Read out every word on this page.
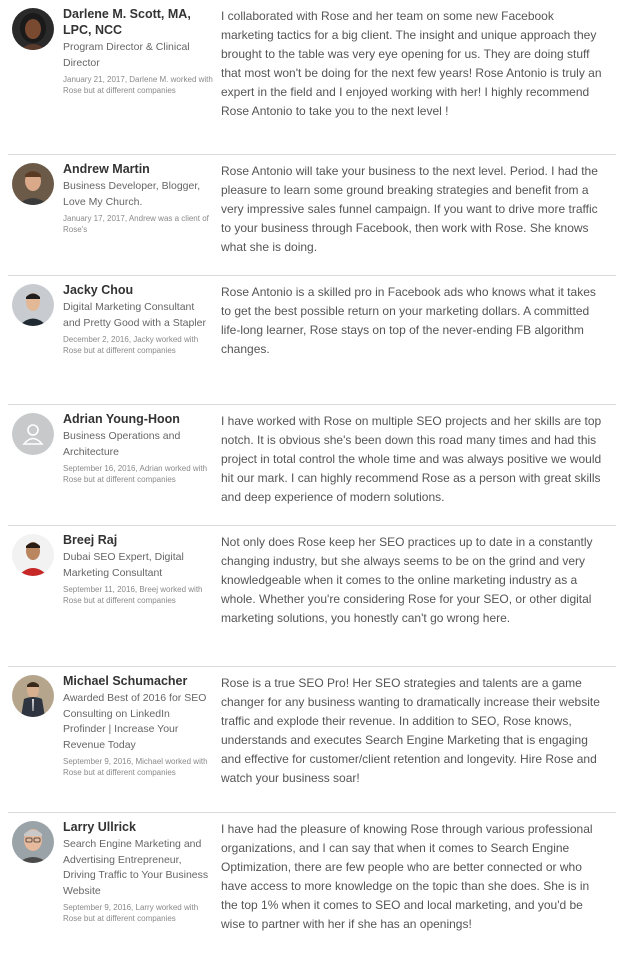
Darlene M. Scott, MA, LPC, NCC
Program Director & Clinical Director
January 21, 2017, Darlene M. worked with Rose but at different companies
I collaborated with Rose and her team on some new Facebook marketing tactics for a big client. The insight and unique approach they brought to the table was very eye opening for us. They are doing stuff that most won't be doing for the next few years! Rose Antonio is truly an expert in the field and I enjoyed working with her! I highly recommend Rose Antonio to take you to the next level !
Andrew Martin
Business Developer, Blogger, Love My Church.
January 17, 2017, Andrew was a client of Rose's
Rose Antonio will take your business to the next level. Period. I had the pleasure to learn some ground breaking strategies and benefit from a very impressive sales funnel campaign. If you want to drive more traffic to your business through Facebook, then work with Rose. She knows what she is doing.
Jacky Chou
Digital Marketing Consultant and Pretty Good with a Stapler
December 2, 2016, Jacky worked with Rose but at different companies
Rose Antonio is a skilled pro in Facebook ads who knows what it takes to get the best possible return on your marketing dollars. A committed life-long learner, Rose stays on top of the never-ending FB algorithm changes.
Adrian Young-Hoon
Business Operations and Architecture
September 16, 2016, Adrian worked with Rose but at different companies
I have worked with Rose on multiple SEO projects and her skills are top notch. It is obvious she's been down this road many times and had this project in total control the whole time and was always positive we would hit our mark. I can highly recommend Rose as a person with great skills and deep experience of modern solutions.
Breej Raj
Dubai SEO Expert, Digital Marketing Consultant
September 11, 2016, Breej worked with Rose but at different companies
Not only does Rose keep her SEO practices up to date in a constantly changing industry, but she always seems to be on the grind and very knowledgeable when it comes to the online marketing industry as a whole. Whether you're considering Rose for your SEO, or other digital marketing solutions, you honestly can't go wrong here.
Michael Schumacher
Awarded Best of 2016 for SEO Consulting on LinkedIn Profinder | Increase Your Revenue Today
September 9, 2016, Michael worked with Rose but at different companies
Rose is a true SEO Pro! Her SEO strategies and talents are a game changer for any business wanting to dramatically increase their website traffic and explode their revenue. In addition to SEO, Rose knows, understands and executes Search Engine Marketing that is engaging and effective for customer/client retention and longevity. Hire Rose and watch your business soar!
Larry Ullrick
Search Engine Marketing and Advertising Entrepreneur, Driving Traffic to Your Business Website
September 9, 2016, Larry worked with Rose but at different companies
I have had the pleasure of knowing Rose through various professional organizations, and I can say that when it comes to Search Engine Optimization, there are few people who are better connected or who have access to more knowledge on the topic than she does. She is in the top 1% when it comes to SEO and local marketing, and you'd be wise to partner with her if she has an openings!
